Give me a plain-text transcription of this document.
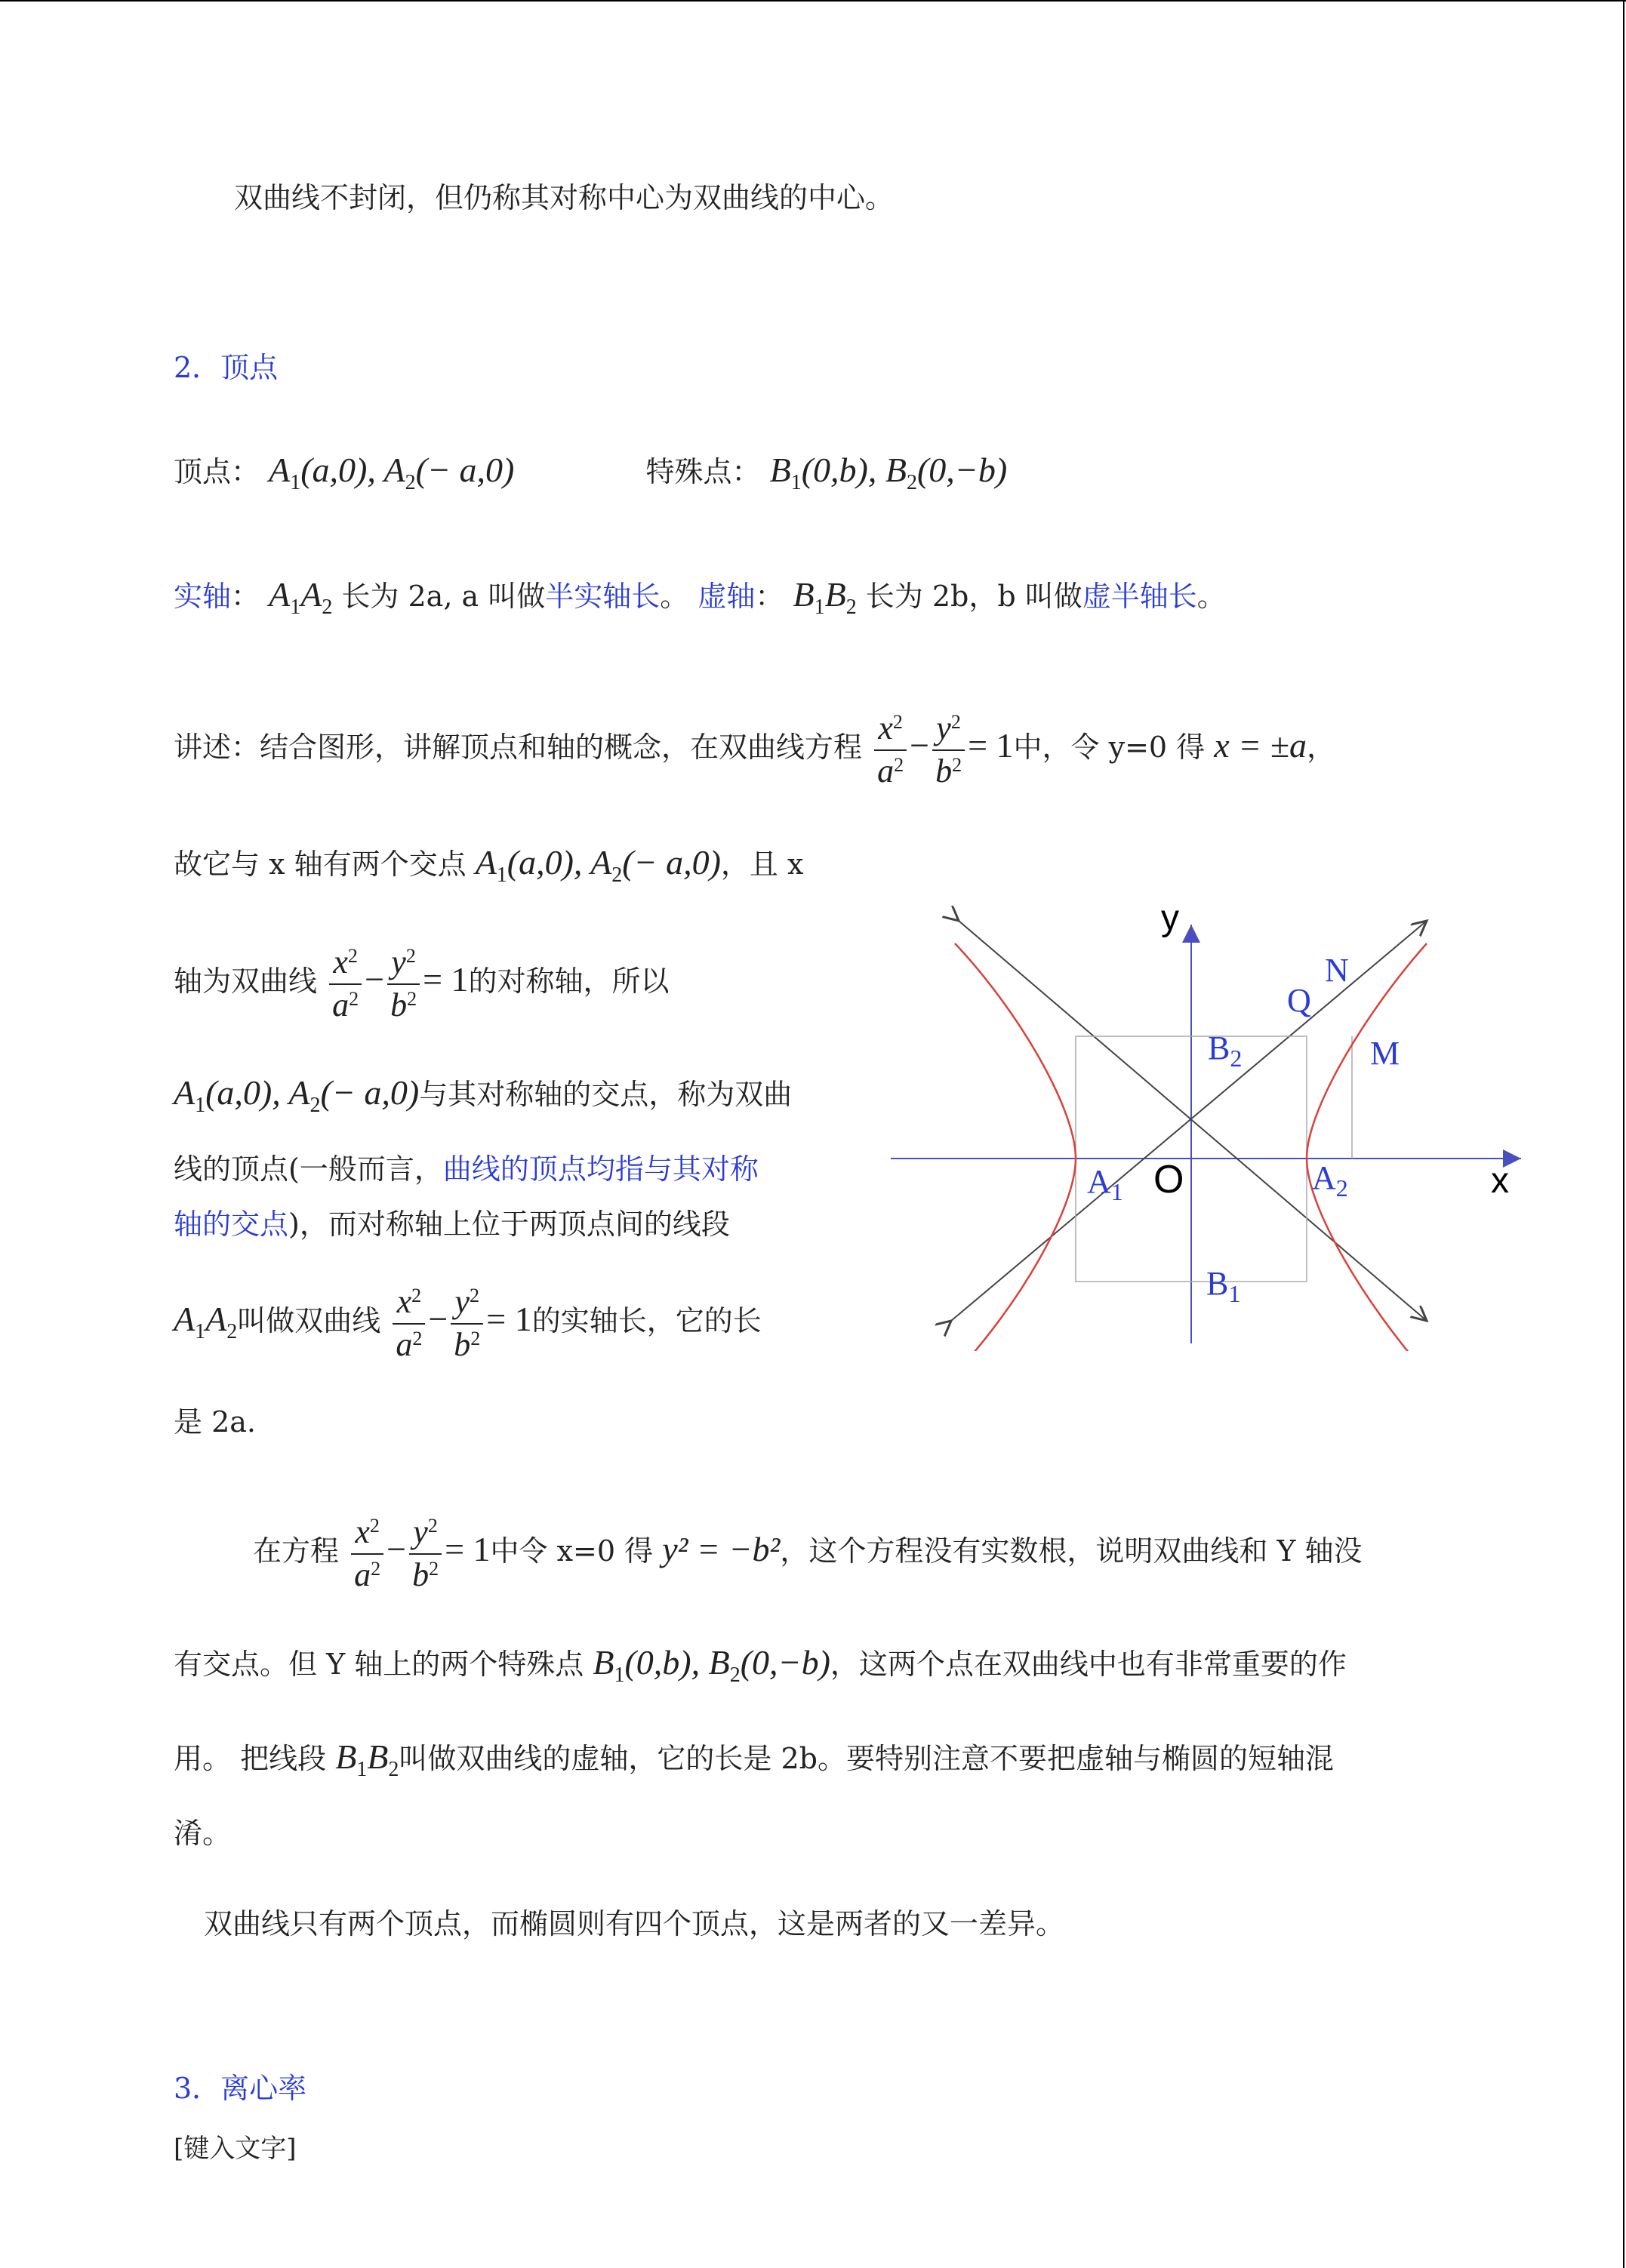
双曲线不封闭，但仍称其对称中心为双曲线的中心。
2．顶点
顶点： $A_1(a,0)$, $A_2(- a,0)$	特殊点： $B_1(0,b)$, $B_2(0,-b)$
实轴： $A_1A_2$ 长为 2a, a 叫做半实轴长。 虚轴： $B_1B_2$ 长为 2b，b 叫做虚半轴长。
讲述：结合图形，讲解顶点和轴的概念，在双曲线方程 $\frac{x^2}{a^2} - \frac{y^2}{b^2} = 1$中，令 y=0 得 x = ±a，
故它与 x 轴有两个交点 $A_1(a,0)$, $A_2(- a,0)$，且 x
轴为双曲线 $\frac{x^2}{a^2} - \frac{y^2}{b^2} = 1$的对称轴，所以
$A_1(a,0)$, $A_2(- a,0)$与其对称轴的交点，称为双曲
线的顶点(一般而言，曲线的顶点均指与其对称
轴的交点)，而对称轴上位于两顶点间的线段
$A_1A_2$叫做双曲线 $\frac{x^2}{a^2} - \frac{y^2}{b^2} = 1$的实轴长，它的长
是 2a.
在方程 $\frac{x^2}{a^2} - \frac{y^2}{b^2} = 1$中令 x=0 得 y² = −b²，这个方程没有实数根，说明双曲线和 Y 轴没
有交点。但 Y 轴上的两个特殊点 $B_1(0,b)$, $B_2(0,-b)$，这两个点在双曲线中也有非常重要的作
用。 把线段 $B_1B_2$叫做双曲线的虚轴，它的长是 2b。要特别注意不要把虚轴与椭圆的短轴混
淆。
双曲线只有两个顶点，而椭圆则有四个顶点，这是两者的又一差异。
3．离心率
[键入文字]
y
x
O
$A_1$	$A_2$
$B_2$
$B_1$
M
N
Q
